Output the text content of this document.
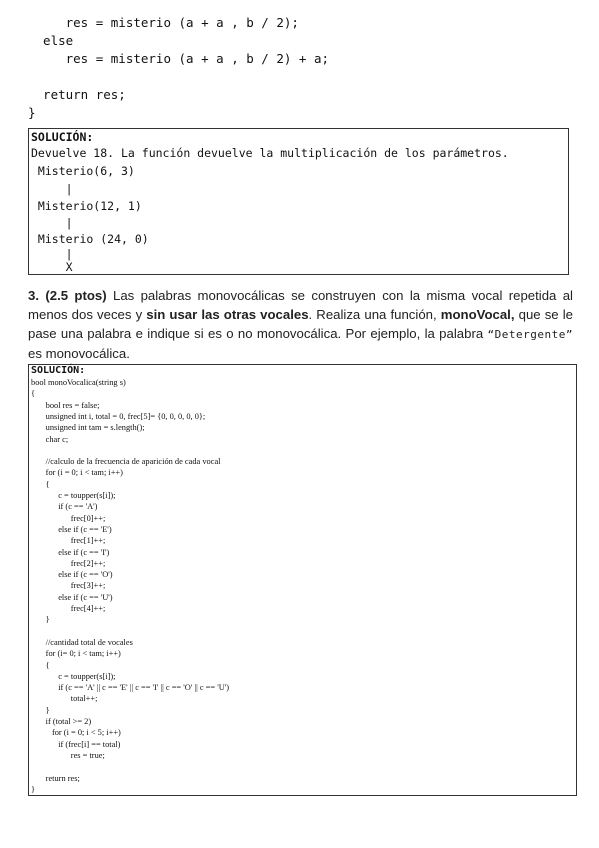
res = misterio (a + a , b / 2);
else
res = misterio (a + a , b / 2) + a;
return res;
}
SOLUCIÓN:
Devuelve 18. La función devuelve la multiplicación de los parámetros.
Misterio(6, 3)
|
Misterio(12, 1)
|
Misterio (24, 0)
|
X
3. (2.5 ptos) Las palabras monovocálicas se construyen con la misma vocal repetida al menos dos veces y sin usar las otras vocales. Realiza una función, monoVocal, que se le pase una palabra e indique si es o no monovocálica. Por ejemplo, la palabra “Detergente” es monovocálica.
SOLUCIÓN:
bool monoVocalica(string s)
{
bool res = false;
unsigned int i, total = 0, frec[5]= {0, 0, 0, 0, 0};
unsigned int tam = s.length();
char c;
//calculo de la frecuencia de aparición de cada vocal
for (i = 0; i < tam; i++)
{
c = toupper(s[i]);
if (c == 'A')
frec[0]++;
else if (c == 'E')
frec[1]++;
else if (c == 'I')
frec[2]++;
else if (c == 'O')
frec[3]++;
else if (c == 'U')
frec[4]++;
}
//cantidad total de vocales
for (i= 0; i < tam; i++)
{
c = toupper(s[i]);
if (c == 'A' || c == 'E' || c == 'I' || c == 'O' || c == 'U')
total++;
}
if (total >= 2)
for (i = 0; i < 5; i++)
if (frec[i] == total)
res = true;
return res;
}
